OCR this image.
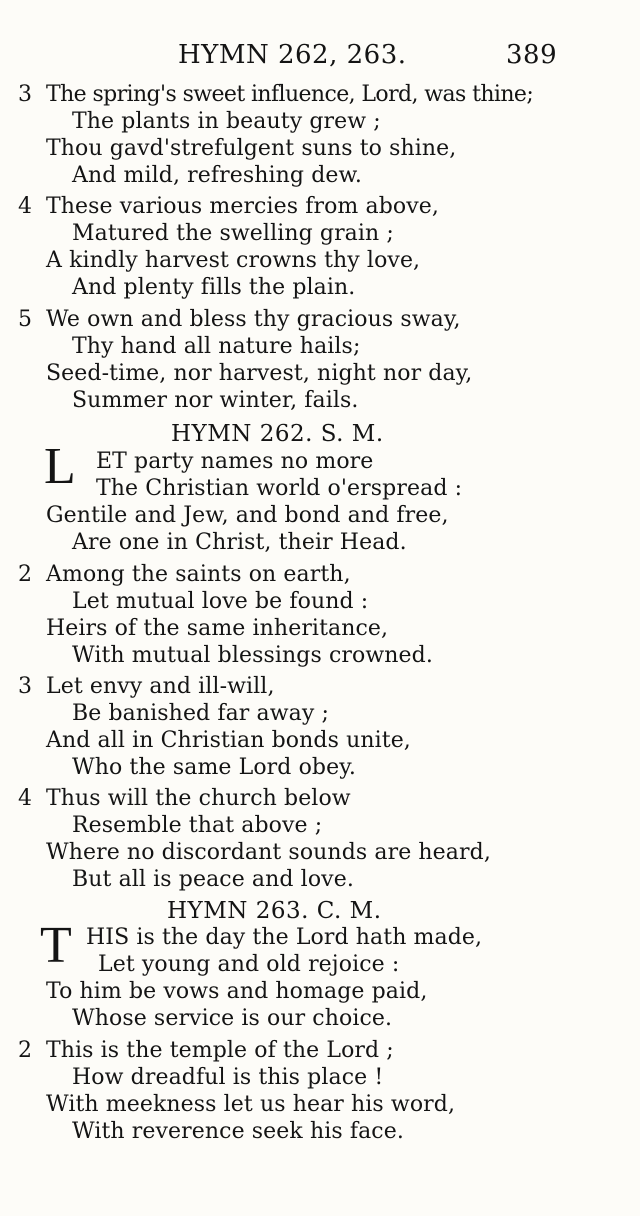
HYMN 262, 263.	389
3 The spring's sweet influence, Lord, was thine;
The plants in beauty grew ;
Thou gavd'strefulgent suns to shine,
And mild, refreshing dew.
4 These various mercies from above,
Matured the swelling grain ;
A kindly harvest crowns thy love,
And plenty fills the plain.
5 We own and bless thy gracious sway,
Thy hand all nature hails;
Seed-time, nor harvest, night nor day,
Summer nor winter, fails.
HYMN 262. S. M.
L ET party names no more
The Christian world o'erspread :
Gentile and Jew, and bond and free,
Are one in Christ, their Head.
2 Among the saints on earth,
Let mutual love be found :
Heirs of the same inheritance,
With mutual blessings crowned.
3 Let envy and ill-will,
Be banished far away ;
And all in Christian bonds unite,
Who the same Lord obey.
4 Thus will the church below
Resemble that above ;
Where no discordant sounds are heard,
But all is peace and love.
HYMN 263. C. M.
T HIS is the day the Lord hath made,
Let young and old rejoice :
To him be vows and homage paid,
Whose service is our choice.
2 This is the temple of the Lord ;
How dreadful is this place !
With meekness let us hear his word,
With reverence seek his face.
